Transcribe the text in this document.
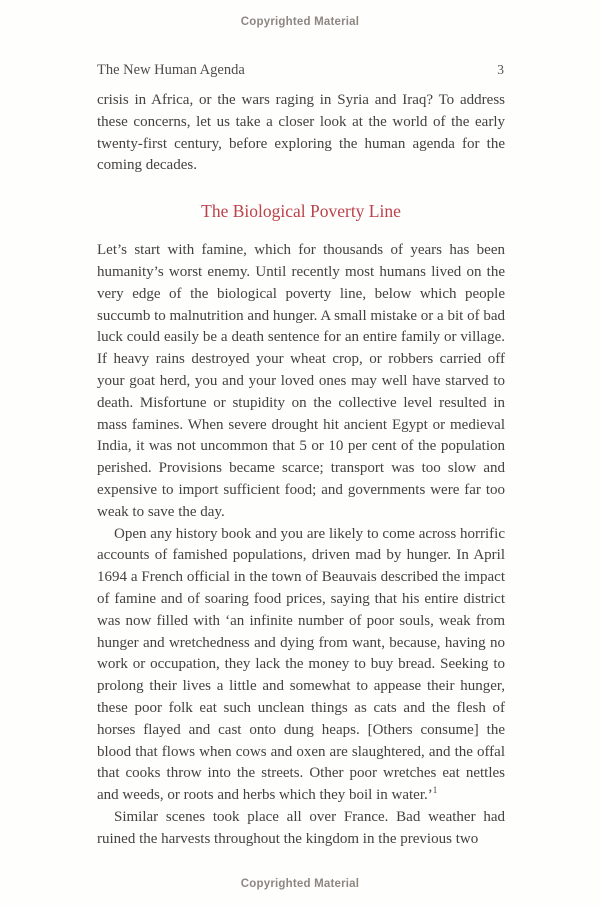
Copyrighted Material
The New Human Agenda	3

crisis in Africa, or the wars raging in Syria and Iraq? To address these concerns, let us take a closer look at the world of the early twenty-first century, before exploring the human agenda for the coming decades.

The Biological Poverty Line

Let’s start with famine, which for thousands of years has been humanity’s worst enemy. Until recently most humans lived on the very edge of the biological poverty line, below which people succumb to malnutrition and hunger. A small mistake or a bit of bad luck could easily be a death sentence for an entire family or village. If heavy rains destroyed your wheat crop, or robbers carried off your goat herd, you and your loved ones may well have starved to death. Misfortune or stupidity on the collective level resulted in mass famines. When severe drought hit ancient Egypt or medieval India, it was not uncommon that 5 or 10 per cent of the population perished. Provisions became scarce; transport was too slow and expensive to import sufficient food; and governments were far too weak to save the day.

Open any history book and you are likely to come across horrific accounts of famished populations, driven mad by hunger. In April 1694 a French official in the town of Beauvais described the impact of famine and of soaring food prices, saying that his entire district was now filled with ‘an infinite number of poor souls, weak from hunger and wretchedness and dying from want, because, having no work or occupation, they lack the money to buy bread. Seeking to prolong their lives a little and somewhat to appease their hunger, these poor folk eat such unclean things as cats and the flesh of horses flayed and cast onto dung heaps. [Others consume] the blood that flows when cows and oxen are slaughtered, and the offal that cooks throw into the streets. Other poor wretches eat nettles and weeds, or roots and herbs which they boil in water.’$^1$

Similar scenes took place all over France. Bad weather had ruined the harvests throughout the kingdom in the previous two

Copyrighted Material
